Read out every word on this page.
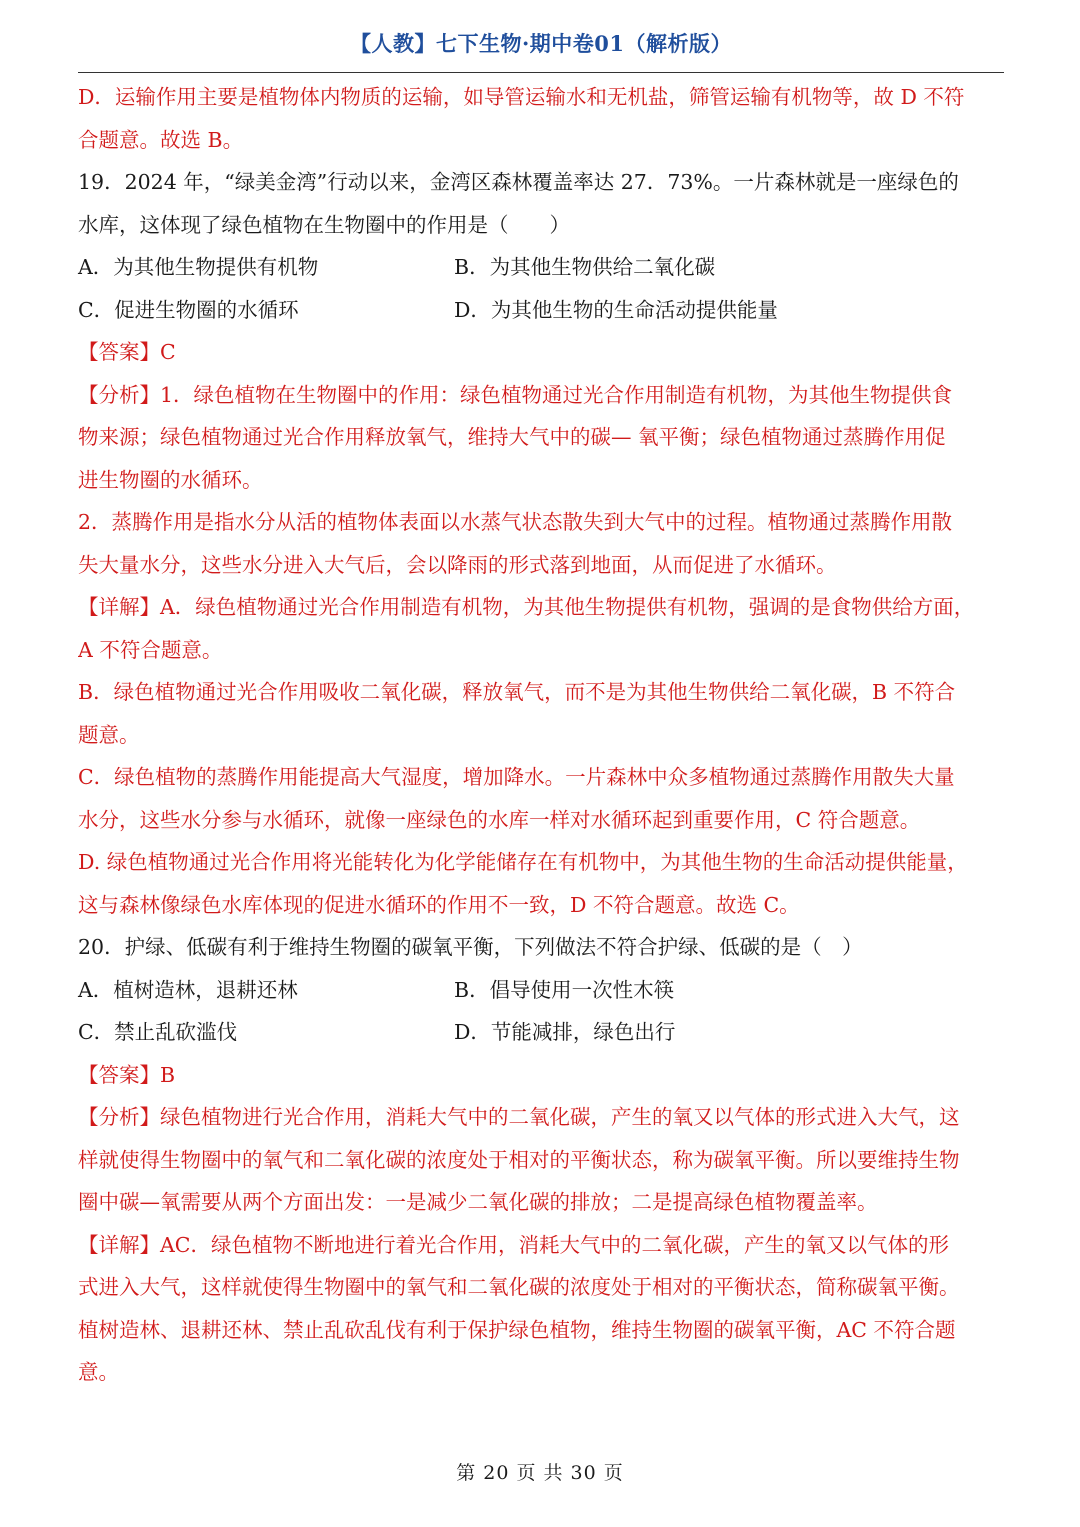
【人教】七下生物·期中卷01（解析版）
D．运输作用主要是植物体内物质的运输，如导管运输水和无机盐，筛管运输有机物等，故 D 不符
合题意。故选 B。
19．2024 年，“绿美金湾”行动以来，金湾区森林覆盖率达 27．73%。一片森林就是一座绿色的
水库，这体现了绿色植物在生物圈中的作用是（　　）
A．为其他生物提供有机物	B．为其他生物供给二氧化碳
C．促进生物圈的水循环	D．为其他生物的生命活动提供能量
【答案】C
【分析】1．绿色植物在生物圈中的作用：绿色植物通过光合作用制造有机物，为其他生物提供食
物来源；绿色植物通过光合作用释放氧气，维持大气中的碳— 氧平衡；绿色植物通过蒸腾作用促
进生物圈的水循环。
2．蒸腾作用是指水分从活的植物体表面以水蒸气状态散失到大气中的过程。植物通过蒸腾作用散
失大量水分，这些水分进入大气后，会以降雨的形式落到地面，从而促进了水循环。
【详解】A．绿色植物通过光合作用制造有机物，为其他生物提供有机物，强调的是食物供给方面，
A 不符合题意。
B．绿色植物通过光合作用吸收二氧化碳，释放氧气，而不是为其他生物供给二氧化碳，B 不符合
题意。
C．绿色植物的蒸腾作用能提高大气湿度，增加降水。一片森林中众多植物通过蒸腾作用散失大量
水分，这些水分参与水循环，就像一座绿色的水库一样对水循环起到重要作用，C 符合题意。
D. 绿色植物通过光合作用将光能转化为化学能储存在有机物中，为其他生物的生命活动提供能量，
这与森林像绿色水库体现的促进水循环的作用不一致，D 不符合题意。故选 C。
20．护绿、低碳有利于维持生物圈的碳氧平衡，下列做法不符合护绿、低碳的是（　）
A．植树造林，退耕还林	B．倡导使用一次性木筷
C．禁止乱砍滥伐	D．节能减排，绿色出行
【答案】B
【分析】绿色植物进行光合作用，消耗大气中的二氧化碳，产生的氧又以气体的形式进入大气，这
样就使得生物圈中的氧气和二氧化碳的浓度处于相对的平衡状态，称为碳氧平衡。所以要维持生物
圈中碳—氧需要从两个方面出发：一是减少二氧化碳的排放；二是提高绿色植物覆盖率。
【详解】AC．绿色植物不断地进行着光合作用，消耗大气中的二氧化碳，产生的氧又以气体的形
式进入大气，这样就使得生物圈中的氧气和二氧化碳的浓度处于相对的平衡状态，简称碳氧平衡。
植树造林、退耕还林、禁止乱砍乱伐有利于保护绿色植物，维持生物圈的碳氧平衡，AC 不符合题
意。
第 20 页 共 30 页
